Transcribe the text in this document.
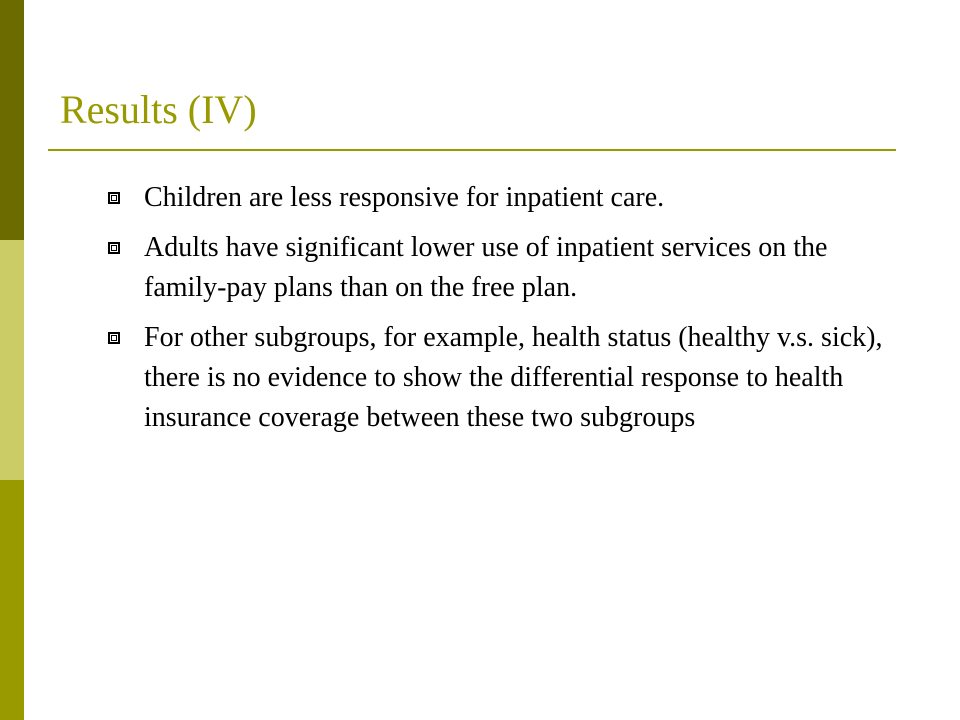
Results (IV)
Children are less responsive for inpatient care.
Adults have significant lower use of inpatient services on the family-pay plans than on the free plan.
For other subgroups, for example, health status (healthy v.s. sick), there is no evidence to show the differential response to health insurance coverage between these two subgroups
